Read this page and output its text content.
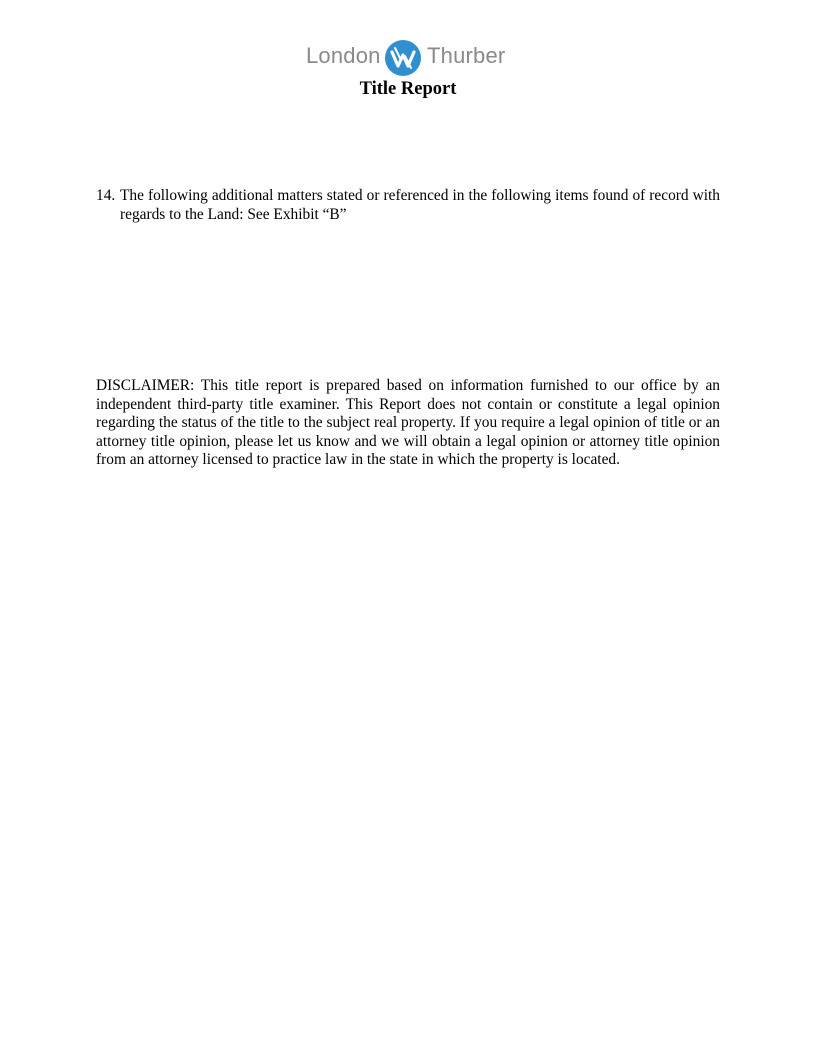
London Thurber
Title Report
14. The following additional matters stated or referenced in the following items found of record with regards to the Land: See Exhibit “B”
DISCLAIMER: This title report is prepared based on information furnished to our office by an independent third-party title examiner. This Report does not contain or constitute a legal opinion regarding the status of the title to the subject real property. If you require a legal opinion of title or an attorney title opinion, please let us know and we will obtain a legal opinion or attorney title opinion from an attorney licensed to practice law in the state in which the property is located.
